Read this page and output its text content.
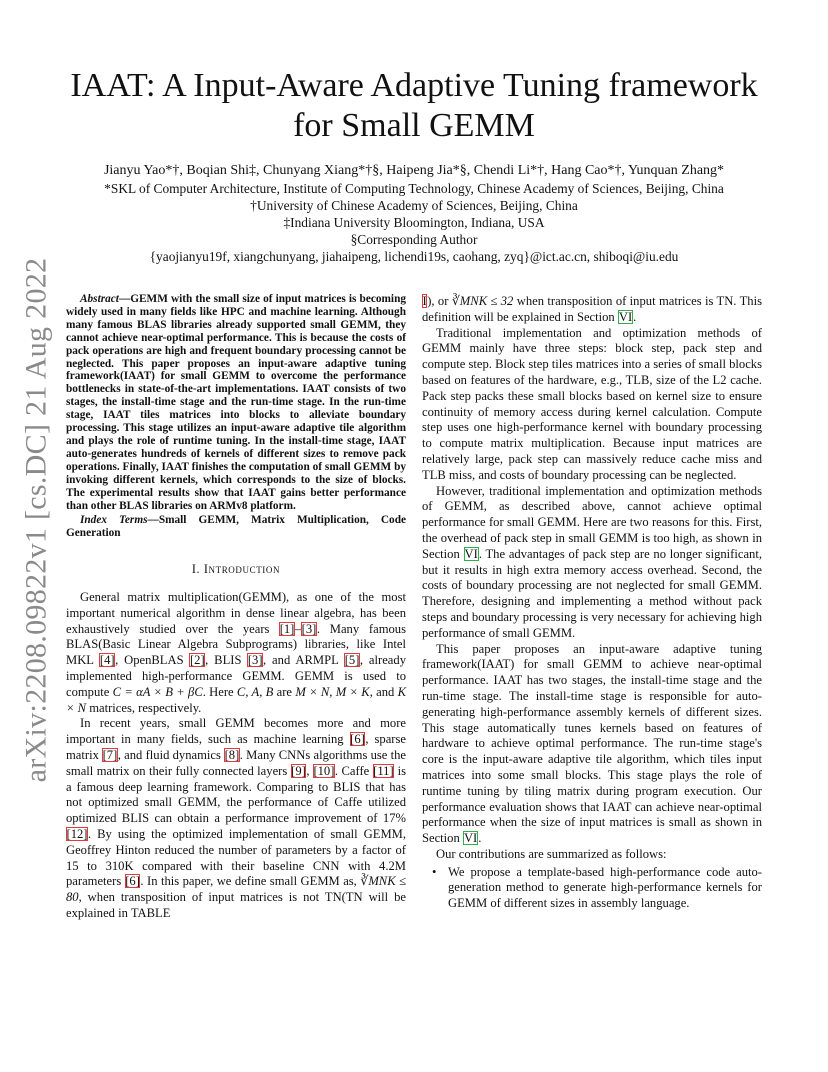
arXiv:2208.09822v1 [cs.DC] 21 Aug 2022
IAAT: A Input-Aware Adaptive Tuning framework for Small GEMM
Jianyu Yao*†, Boqian Shi‡, Chunyang Xiang*†§, Haipeng Jia*§, Chendi Li*†, Hang Cao*†, Yunquan Zhang*
*SKL of Computer Architecture, Institute of Computing Technology, Chinese Academy of Sciences, Beijing, China
†University of Chinese Academy of Sciences, Beijing, China
‡Indiana University Bloomington, Indiana, USA
§Corresponding Author
{yaojianyu19f, xiangchunyang, jiahaipeng, lichendi19s, caohang, zyq}@ict.ac.cn, shiboqi@iu.edu

Abstract—GEMM with the small size of input matrices is becoming widely used in many fields like HPC and machine learning. Although many famous BLAS libraries already supported small GEMM, they cannot achieve near-optimal performance. This is because the costs of pack operations are high and frequent boundary processing cannot be neglected. This paper proposes an input-aware adaptive tuning framework(IAAT) for small GEMM to overcome the performance bottlenecks in state-of-the-art implementations. IAAT consists of two stages, the install-time stage and the run-time stage. In the run-time stage, IAAT tiles matrices into blocks to alleviate boundary processing. This stage utilizes an input-aware adaptive tile algorithm and plays the role of runtime tuning. In the install-time stage, IAAT auto-generates hundreds of kernels of different sizes to remove pack operations. Finally, IAAT finishes the computation of small GEMM by invoking different kernels, which corresponds to the size of blocks. The experimental results show that IAAT gains better performance than other BLAS libraries on ARMv8 platform.

Index Terms—Small GEMM, Matrix Multiplication, Code Generation

I. Introduction

General matrix multiplication(GEMM), as one of the most important numerical algorithm in dense linear algebra, has been exhaustively studied over the years [1]–[3]. Many famous BLAS(Basic Linear Algebra Subprograms) libraries, like Intel MKL [4], OpenBLAS [2], BLIS [3], and ARMPL [5], already implemented high-performance GEMM. GEMM is used to compute C = αA × B + βC. Here C, A, B are M × N, M × K, and K × N matrices, respectively.

In recent years, small GEMM becomes more and more important in many fields, such as machine learning [6], sparse matrix [7], and fluid dynamics [8]. Many CNNs algorithms use the small matrix on their fully connected layers [9], [10]. Caffe [11] is a famous deep learning framework. Comparing to BLIS that has not optimized small GEMM, the performance of Caffe utilized optimized BLIS can obtain a performance improvement of 17% [12]. By using the optimized implementation of small GEMM, Geoffrey Hinton reduced the number of parameters by a factor of 15 to 310K compared with their baseline CNN with 4.2M parameters [6]. In this paper, we define small GEMM as, ∛MNK ≤ 80, when transposition of input matrices is not TN(TN will be explained in TABLE

I), or ∛MNK ≤ 32 when transposition of input matrices is TN. This definition will be explained in Section VI.

Traditional implementation and optimization methods of GEMM mainly have three steps: block step, pack step and compute step. Block step tiles matrices into a series of small blocks based on features of the hardware, e.g., TLB, size of the L2 cache. Pack step packs these small blocks based on kernel size to ensure continuity of memory access during kernel calculation. Compute step uses one high-performance kernel with boundary processing to compute matrix multiplication. Because input matrices are relatively large, pack step can massively reduce cache miss and TLB miss, and costs of boundary processing can be neglected.

However, traditional implementation and optimization methods of GEMM, as described above, cannot achieve optimal performance for small GEMM. Here are two reasons for this. First, the overhead of pack step in small GEMM is too high, as shown in Section VI. The advantages of pack step are no longer significant, but it results in high extra memory access overhead. Second, the costs of boundary processing are not neglected for small GEMM. Therefore, designing and implementing a method without pack steps and boundary processing is very necessary for achieving high performance of small GEMM.

This paper proposes an input-aware adaptive tuning framework(IAAT) for small GEMM to achieve near-optimal performance. IAAT has two stages, the install-time stage and the run-time stage. The install-time stage is responsible for auto-generating high-performance assembly kernels of different sizes. This stage automatically tunes kernels based on features of hardware to achieve optimal performance. The run-time stage's core is the input-aware adaptive tile algorithm, which tiles input matrices into some small blocks. This stage plays the role of runtime tuning by tiling matrix during program execution. Our performance evaluation shows that IAAT can achieve near-optimal performance when the size of input matrices is small as shown in Section VI.

Our contributions are summarized as follows:

• We propose a template-based high-performance code auto-generation method to generate high-performance kernels for GEMM of different sizes in assembly language.
